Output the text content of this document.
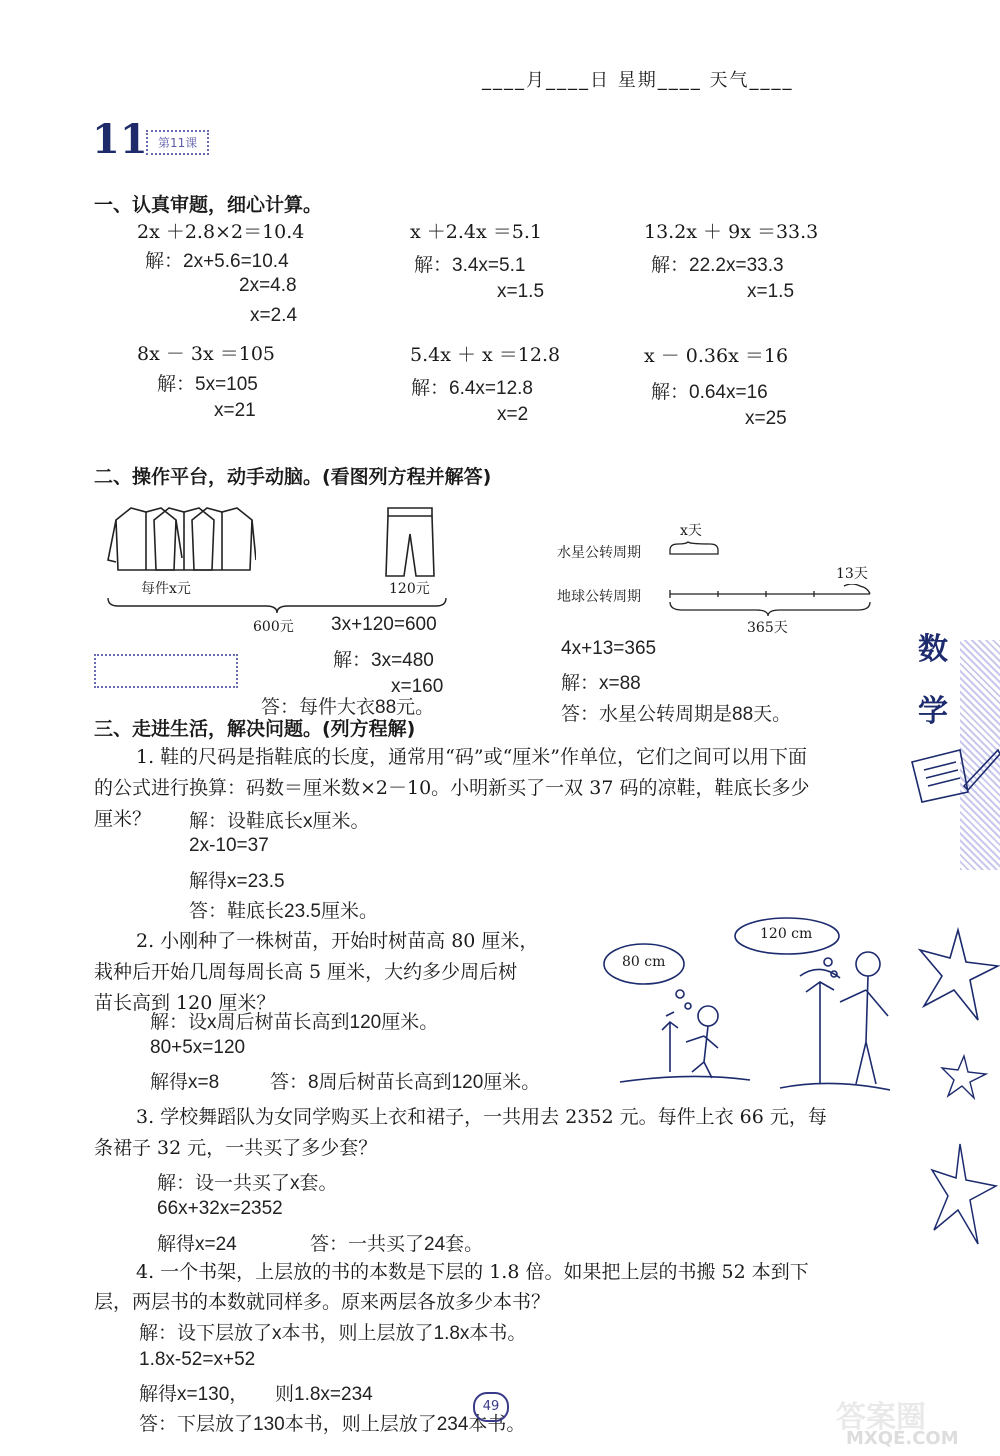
____月____日 星期____ 天气____
11 第11课
一、认真审题，细心计算。
2x ＋2.8×2＝10.4
解：2x+5.6=10.4
2x=4.8
x=2.4
x ＋2.4x ＝5.1
解：3.4x=5.1
x=1.5
13.2x ＋ 9x ＝33.3
解：22.2x=33.3
x=1.5
8x － 3x ＝105
解：5x=105
x=21
5.4x ＋ x ＝12.8
解：6.4x=12.8
x=2
x － 0.36x ＝16
解：0.64x=16
x=25
二、操作平台，动手动脑。(看图列方程并解答)
每件x元	120元
600元 3x+120=600
解：3x=480
x=160
答：每件大衣88元。
x天
水星公转周期
13天
地球公转周期
365天
4x+13=365
解：x=88
答：水星公转周期是88天。
三、走进生活，解决问题。(列方程解)
1. 鞋的尺码是指鞋底的长度，通常用“码”或“厘米”作单位，它们之间可以用下面
的公式进行换算：码数＝厘米数×2－10。小明新买了一双 37 码的凉鞋，鞋底长多少
厘米？ 解：设鞋底长x厘米。
2x-10=37
解得x=23.5
答：鞋底长23.5厘米。
2. 小刚种了一株树苗，开始时树苗高 80 厘米，
栽种后开始几周每周长高 5 厘米，大约多少周后树
苗长高到 120 厘米？
解：设x周后树苗长高到120厘米。
80+5x=120
解得x=8	答：8周后树苗长高到120厘米。
80 cm
120 cm
3. 学校舞蹈队为女同学购买上衣和裙子，一共用去 2352 元。每件上衣 66 元，每
条裙子 32 元，一共买了多少套？
解：设一共买了x套。
66x+32x=2352
解得x=24	答：一共买了24套。
4. 一个书架，上层放的书的本数是下层的 1.8 倍。如果把上层的书搬 52 本到下
层，两层书的本数就同样多。原来两层各放多少本书？
解：设下层放了x本书，则上层放了1.8x本书。
1.8x-52=x+52
解得x=130， 则1.8x=234
答：下层放了130本书，则上层放了234本书。
49
数
学
答案圈
MXQE.COM
